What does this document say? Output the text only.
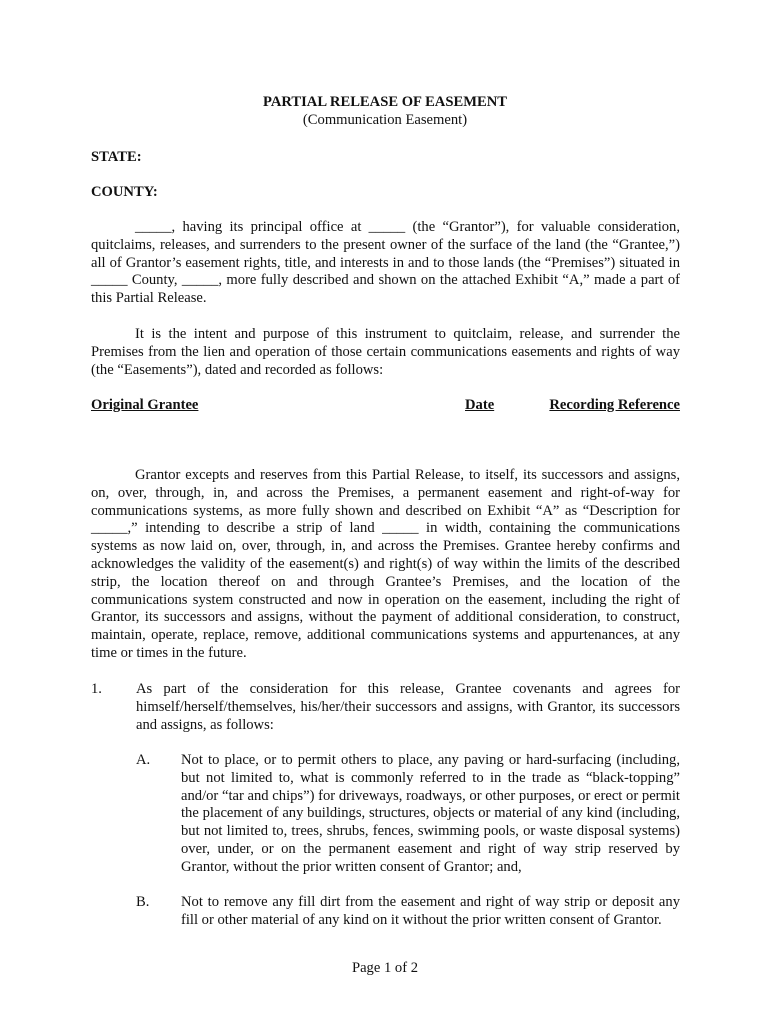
PARTIAL RELEASE OF EASEMENT
(Communication Easement)
STATE:
COUNTY:

_____, having its principal office at _____ (the “Grantor”), for valuable consideration, quitclaims, releases, and surrenders to the present owner of the surface of the land (the “Grantee,”) all of Grantor’s easement rights, title, and interests in and to those lands (the “Premises”) situated in _____ County, _____, more fully described and shown on the attached Exhibit “A,” made a part of this Partial Release.

It is the intent and purpose of this instrument to quitclaim, release, and surrender the Premises from the lien and operation of those certain communications easements and rights of way (the “Easements”), dated and recorded as follows:

Original Grantee	Date	Recording Reference

Grantor excepts and reserves from this Partial Release, to itself, its successors and assigns, on, over, through, in, and across the Premises, a permanent easement and right-of-way for communications systems, as more fully shown and described on Exhibit “A” as “Description for _____,” intending to describe a strip of land _____ in width, containing the communications systems as now laid on, over, through, in, and across the Premises. Grantee hereby confirms and acknowledges the validity of the easement(s) and right(s) of way within the limits of the described strip, the location thereof on and through Grantee’s Premises, and the location of the communications system constructed and now in operation on the easement, including the right of Grantor, its successors and assigns, without the payment of additional consideration, to construct, maintain, operate, replace, remove, additional communications systems and appurtenances, at any time or times in the future.

1. As part of the consideration for this release, Grantee covenants and agrees for himself/herself/themselves, his/her/their successors and assigns, with Grantor, its successors and assigns, as follows:

A. Not to place, or to permit others to place, any paving or hard-surfacing (including, but not limited to, what is commonly referred to in the trade as “black-topping” and/or “tar and chips”) for driveways, roadways, or other purposes, or erect or permit the placement of any buildings, structures, objects or material of any kind (including, but not limited to, trees, shrubs, fences, swimming pools, or waste disposal systems) over, under, or on the permanent easement and right of way strip reserved by Grantor, without the prior written consent of Grantor; and,

B. Not to remove any fill dirt from the easement and right of way strip or deposit any fill or other material of any kind on it without the prior written consent of Grantor.

Page 1 of 2
